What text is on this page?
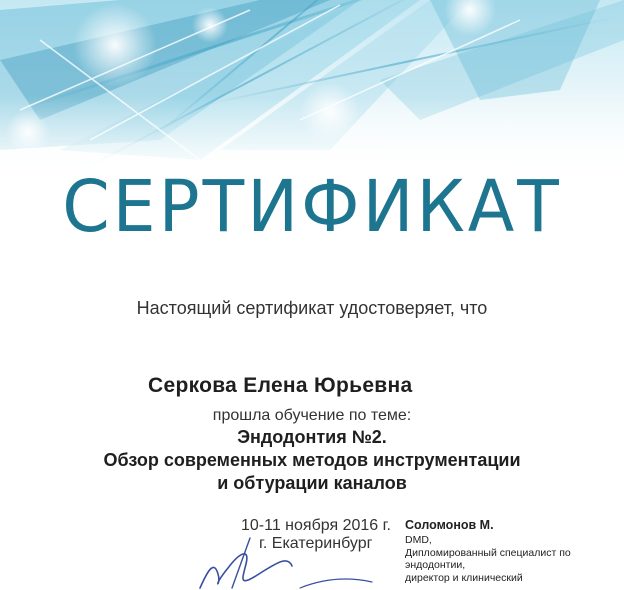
СЕРТИФИКАТ
Настоящий сертификат удостоверяет, что
Серкова Елена Юрьевна
прошла обучение по теме:
Эндодонтия №2.
Обзор современных методов инструментации
и обтурации каналов
10-11 ноября 2016 г.
г. Екатеринбург
Соломонов М.
DMD,
Дипломированный специалист по
эндодонтии,
директор и клинический
